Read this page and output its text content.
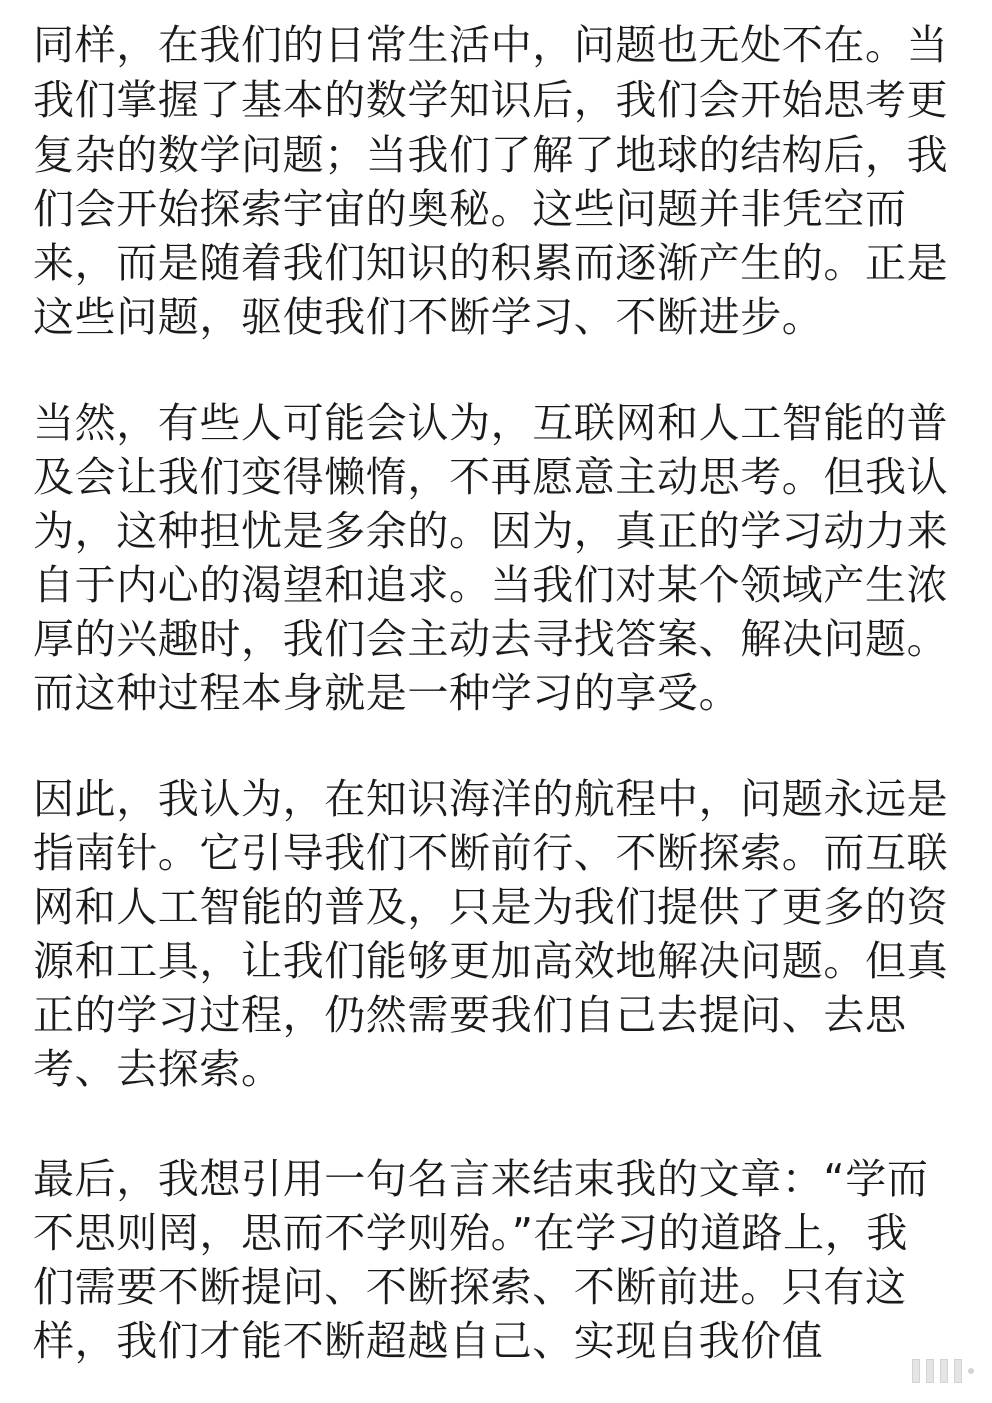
同样，在我们的日常生活中，问题也无处不在。当
我们掌握了基本的数学知识后，我们会开始思考更
复杂的数学问题；当我们了解了地球的结构后，我
们会开始探索宇宙的奥秘。这些问题并非凭空而
来，而是随着我们知识的积累而逐渐产生的。正是
这些问题，驱使我们不断学习、不断进步。
当然，有些人可能会认为，互联网和人工智能的普
及会让我们变得懒惰，不再愿意主动思考。但我认
为，这种担忧是多余的。因为，真正的学习动力来
自于内心的渴望和追求。当我们对某个领域产生浓
厚的兴趣时，我们会主动去寻找答案、解决问题。
而这种过程本身就是一种学习的享受。
因此，我认为，在知识海洋的航程中，问题永远是
指南针。它引导我们不断前行、不断探索。而互联
网和人工智能的普及，只是为我们提供了更多的资
源和工具，让我们能够更加高效地解决问题。但真
正的学习过程，仍然需要我们自己去提问、去思
考、去探索。
最后，我想引用一句名言来结束我的文章：“学而
不思则罔，思而不学则殆。”在学习的道路上，我
们需要不断提问、不断探索、不断前进。只有这
样，我们才能不断超越自己、实现自我价值
